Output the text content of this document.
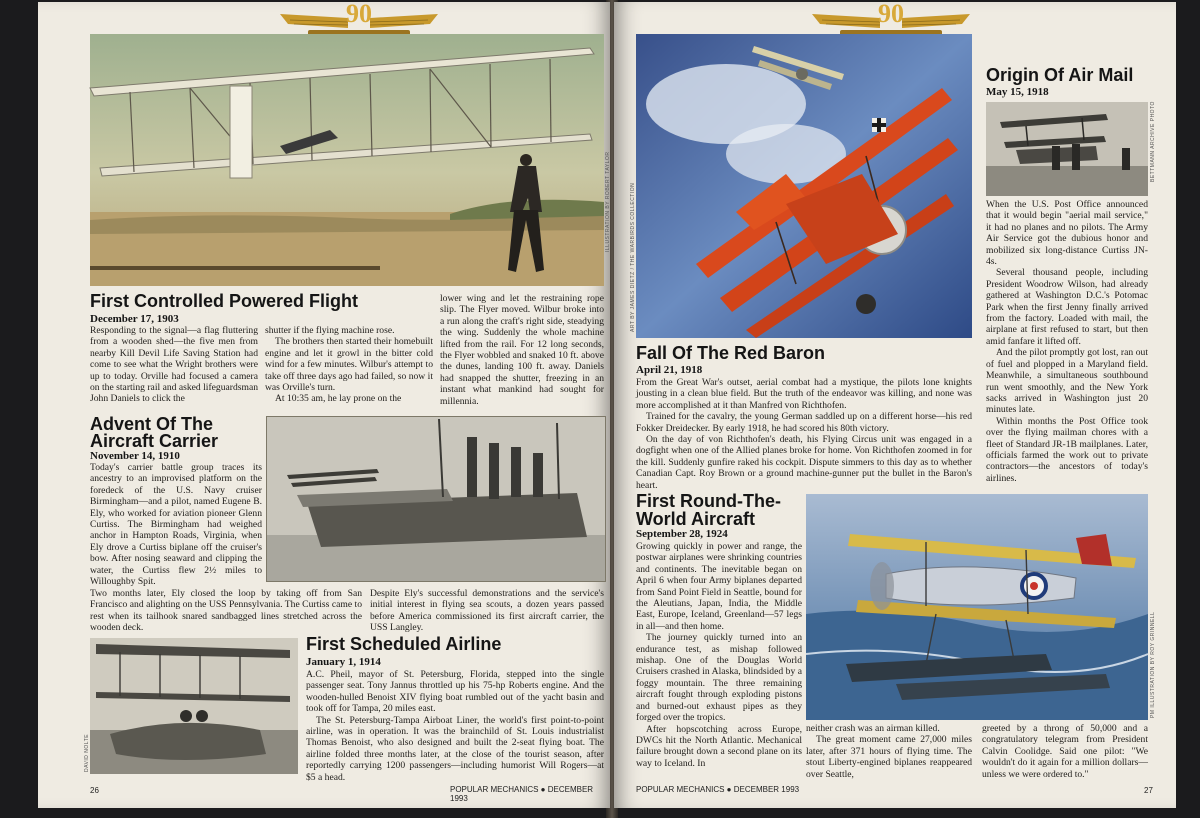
90
ILLUSTRATION BY ROBERT TAYLOR
First Controlled Powered Flight
December 17, 1903

Responding to the signal—a flag fluttering from a wooden shed—the five men from nearby Kill Devil Life Saving Station had come to see what the Wright brothers were up to today. Orville had focused a camera on the starting rail and asked lifeguardsman John Daniels to click the

shutter if the flying machine rose.

The brothers then started their homebuilt engine and let it growl in the bitter cold wind for a few minutes. Wilbur's attempt to take off three days ago had failed, so now it was Orville's turn.

At 10:35 am, he lay prone on the

lower wing and let the restraining rope slip. The Flyer moved. Wilbur broke into a run along the craft's right side, steadying the wing. Suddenly the whole machine lifted from the rail. For 12 long seconds, the Flyer wobbled and snaked 10 ft. above the dunes, landing 100 ft. away. Daniels had snapped the shutter, freezing in an instant what mankind had sought for millennia.

Advent Of The
Aircraft Carrier
November 14, 1910

Today's carrier battle group traces its ancestry to an improvised platform on the foredeck of the U.S. Navy cruiser Birmingham—and a pilot, named Eugene B. Ely, who worked for aviation pioneer Glenn Curtiss. The Birmingham had weighed anchor in Hampton Roads, Virginia, when Ely drove a Curtiss biplane off the cruiser's bow. After nosing seaward and clipping the water, the Curtiss flew 2½ miles to Willoughby Spit.

Two months later, Ely closed the loop by taking off from San Francisco and alighting on the USS Pennsylvania. The Curtiss came to rest when its tailhook snared sandbagged lines stretched across the wooden deck.

Despite Ely's successful demonstrations and the service's initial interest in flying sea scouts, a dozen years passed before America commissioned its first aircraft carrier, the USS Langley.

DAVID NOLTE
First Scheduled Airline
January 1, 1914

A.C. Pheil, mayor of St. Petersburg, Florida, stepped into the single passenger seat. Tony Jannus throttled up his 75-hp Roberts engine. And the wooden-hulled Benoist XIV flying boat rumbled out of the yacht basin and took off for Tampa, 20 miles east.

The St. Petersburg-Tampa Airboat Liner, the world's first point-to-point airline, was in operation. It was the brainchild of St. Louis industrialist Thomas Benoist, who also designed and built the 2-seat flying boat. The airline folded three months later, at the close of the tourist season, after reportedly carrying 1200 passengers—including humorist Will Rogers—at $5 a head.

26	POPULAR MECHANICS ● DECEMBER 1993
90
ART BY JAMES DIETZ / THE WARBIRDS COLLECTION
Origin Of Air Mail
May 15, 1918
BETTMANN ARCHIVE PHOTO

When the U.S. Post Office announced that it would begin "aerial mail service," it had no planes and no pilots. The Army Air Service got the dubious honor and mobilized six long-distance Curtiss JN-4s.

Several thousand people, including President Woodrow Wilson, had already gathered at Washington D.C.'s Potomac Park when the first Jenny finally arrived from the factory. Loaded with mail, the airplane at first refused to start, but then amid fanfare it lifted off.

And the pilot promptly got lost, ran out of fuel and plopped in a Maryland field. Meanwhile, a simultaneous southbound run went smoothly, and the New York sacks arrived in Washington just 20 minutes late.

Within months the Post Office took over the flying mailman chores with a fleet of Standard JR-1B mailplanes. Later, officials farmed the work out to private contractors—the ancestors of today's airlines.

Fall Of The Red Baron
April 21, 1918

From the Great War's outset, aerial combat had a mystique, the pilots lone knights jousting in a clean blue field. But the truth of the endeavor was killing, and none was more accomplished at it than Manfred von Richthofen.

Trained for the cavalry, the young German saddled up on a different horse—his red Fokker Dreidecker. By early 1918, he had scored his 80th victory.

On the day of von Richthofen's death, his Flying Circus unit was engaged in a dogfight when one of the Allied planes broke for home. Von Richthofen zoomed in for the kill. Suddenly gunfire raked his cockpit. Dispute simmers to this day as to whether Canadian Capt. Roy Brown or a ground machine-gunner put the bullet in the Baron's heart.

First Round-The-
World Aircraft
September 28, 1924

Growing quickly in power and range, the postwar airplanes were shrinking countries and continents. The inevitable began on April 6 when four Army biplanes departed from Sand Point Field in Seattle, bound for the Aleutians, Japan, India, the Middle East, Europe, Iceland, Greenland—57 legs in all—and then home.

The journey quickly turned into an endurance test, as mishap followed mishap. One of the Douglas World Cruisers crashed in Alaska, blindsided by a foggy mountain. The three remaining aircraft fought through exploding pistons and burned-out exhaust pipes as they forged over the tropics.

After hopscotching across Europe, DWCs hit the North Atlantic. Mechanical failure brought down a second plane on its way to Iceland. In

PM ILLUSTRATION BY ROY GRINNELL

neither crash was an airman killed.

The great moment came 27,000 miles later, after 371 hours of flying time. The stout Liberty-engined biplanes reappeared over Seattle,

greeted by a throng of 50,000 and a congratulatory telegram from President Calvin Coolidge. Said one pilot: "We wouldn't do it again for a million dollars—unless we were ordered to."

POPULAR MECHANICS ● DECEMBER 1993	27
